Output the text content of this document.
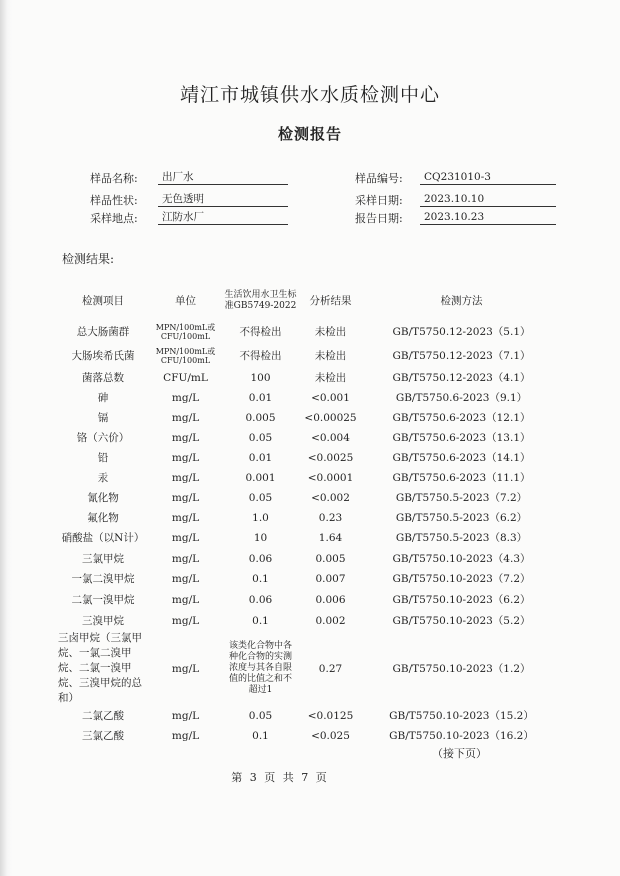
靖江市城镇供水水质检测中心
检测报告
样品名称:	出厂水	样品编号:	CQ231010-3
样品性状:	无色透明	采样日期:	2023.10.10
采样地点:	江防水厂	报告日期:	2023.10.23
检测结果:
检测项目	单位	生活饮用水卫生标准GB5749-2022	分析结果	检测方法
总大肠菌群	MPN/100mL或CFU/100mL	不得检出	未检出	GB/T5750.12-2023（5.1）
大肠埃希氏菌	MPN/100mL或CFU/100mL	不得检出	未检出	GB/T5750.12-2023（7.1）
菌落总数	CFU/mL	100	未检出	GB/T5750.12-2023（4.1）
砷	mg/L	0.01	<0.001	GB/T5750.6-2023（9.1）
镉	mg/L	0.005	<0.00025	GB/T5750.6-2023（12.1）
铬（六价）	mg/L	0.05	<0.004	GB/T5750.6-2023（13.1）
铅	mg/L	0.01	<0.0025	GB/T5750.6-2023（14.1）
汞	mg/L	0.001	<0.0001	GB/T5750.6-2023（11.1）
氰化物	mg/L	0.05	<0.002	GB/T5750.5-2023（7.2）
氟化物	mg/L	1.0	0.23	GB/T5750.5-2023（6.2）
硝酸盐（以N计）	mg/L	10	1.64	GB/T5750.5-2023（8.3）
三氯甲烷	mg/L	0.06	0.005	GB/T5750.10-2023（4.3）
一氯二溴甲烷	mg/L	0.1	0.007	GB/T5750.10-2023（7.2）
二氯一溴甲烷	mg/L	0.06	0.006	GB/T5750.10-2023（6.2）
三溴甲烷	mg/L	0.1	0.002	GB/T5750.10-2023（5.2）
三卤甲烷（三氯甲烷、一氯二溴甲烷、二氯一溴甲烷、三溴甲烷的总和）	mg/L	该类化合物中各种化合物的实测浓度与其各自限值的比值之和不超过1	0.27	GB/T5750.10-2023（1.2）
二氯乙酸	mg/L	0.05	<0.0125	GB/T5750.10-2023（15.2）
三氯乙酸	mg/L	0.1	<0.025	GB/T5750.10-2023（16.2）
（接下页）
第 3 页 共 7 页
